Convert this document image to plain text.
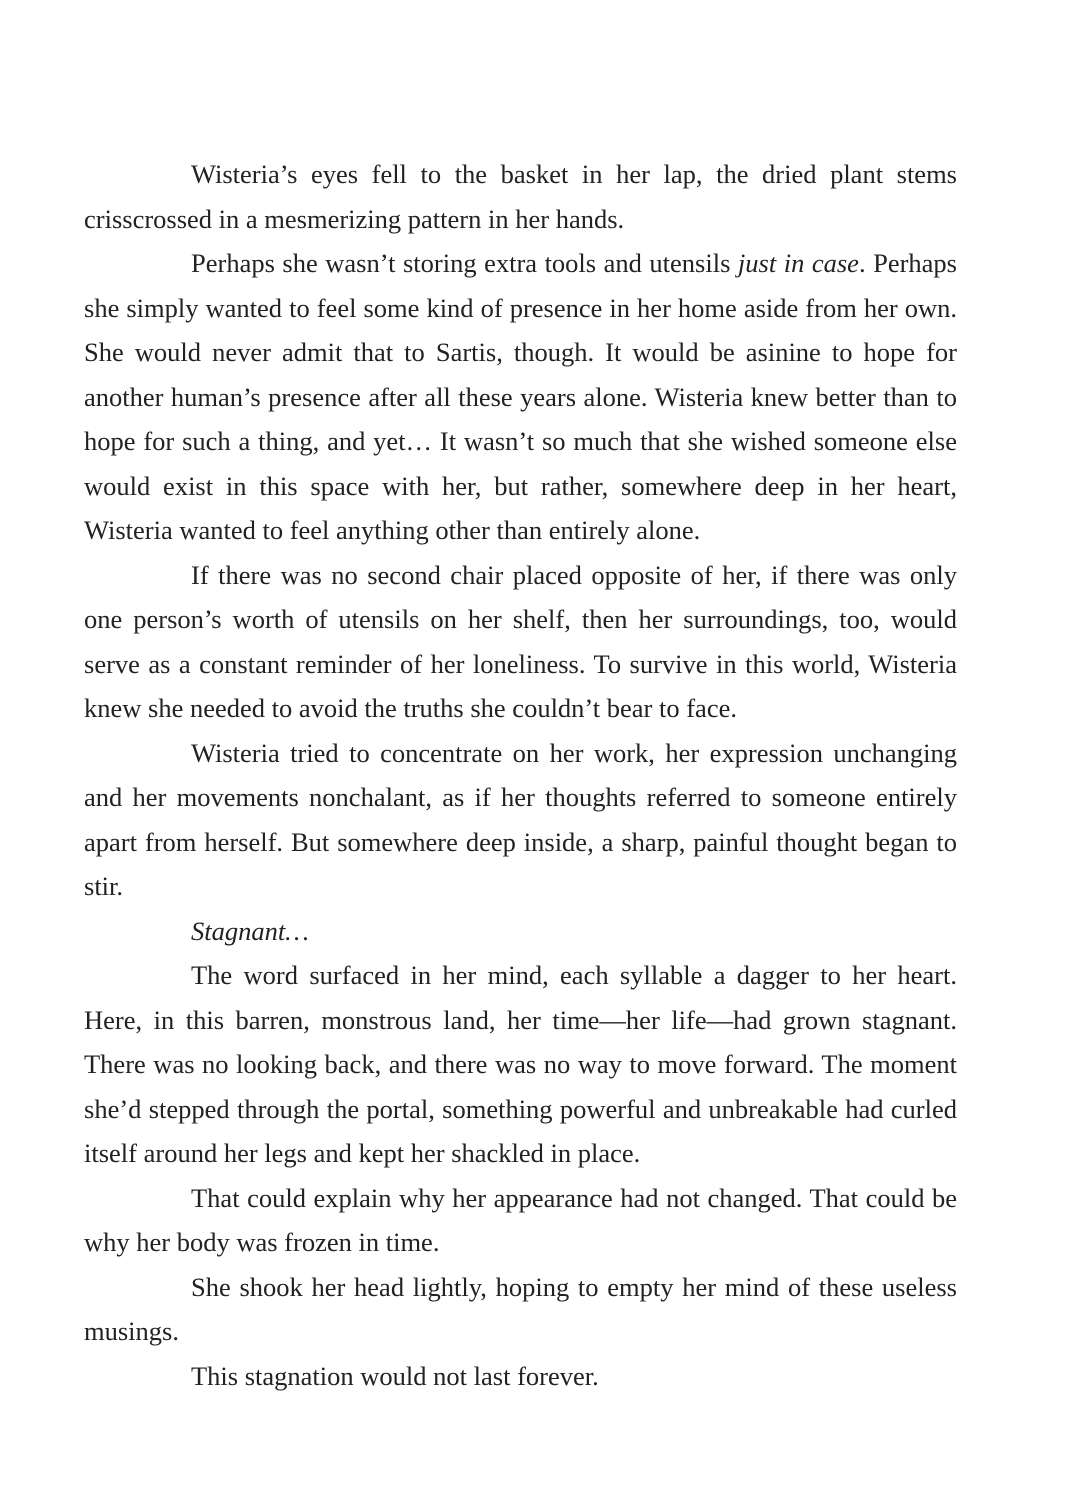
Wisteria’s eyes fell to the basket in her lap, the dried plant stems crisscrossed in a mesmerizing pattern in her hands.

Perhaps she wasn’t storing extra tools and utensils just in case. Perhaps she simply wanted to feel some kind of presence in her home aside from her own. She would never admit that to Sartis, though. It would be asinine to hope for another human’s presence after all these years alone. Wisteria knew better than to hope for such a thing, and yet… It wasn’t so much that she wished someone else would exist in this space with her, but rather, somewhere deep in her heart, Wisteria wanted to feel anything other than entirely alone.

If there was no second chair placed opposite of her, if there was only one person’s worth of utensils on her shelf, then her surroundings, too, would serve as a constant reminder of her loneliness. To survive in this world, Wisteria knew she needed to avoid the truths she couldn’t bear to face.

Wisteria tried to concentrate on her work, her expression unchanging and her movements nonchalant, as if her thoughts referred to someone entirely apart from herself. But somewhere deep inside, a sharp, painful thought began to stir.

Stagnant…

The word surfaced in her mind, each syllable a dagger to her heart. Here, in this barren, monstrous land, her time—her life—had grown stagnant. There was no looking back, and there was no way to move forward. The moment she’d stepped through the portal, something powerful and unbreakable had curled itself around her legs and kept her shackled in place.

That could explain why her appearance had not changed. That could be why her body was frozen in time.

She shook her head lightly, hoping to empty her mind of these useless musings.

This stagnation would not last forever.
